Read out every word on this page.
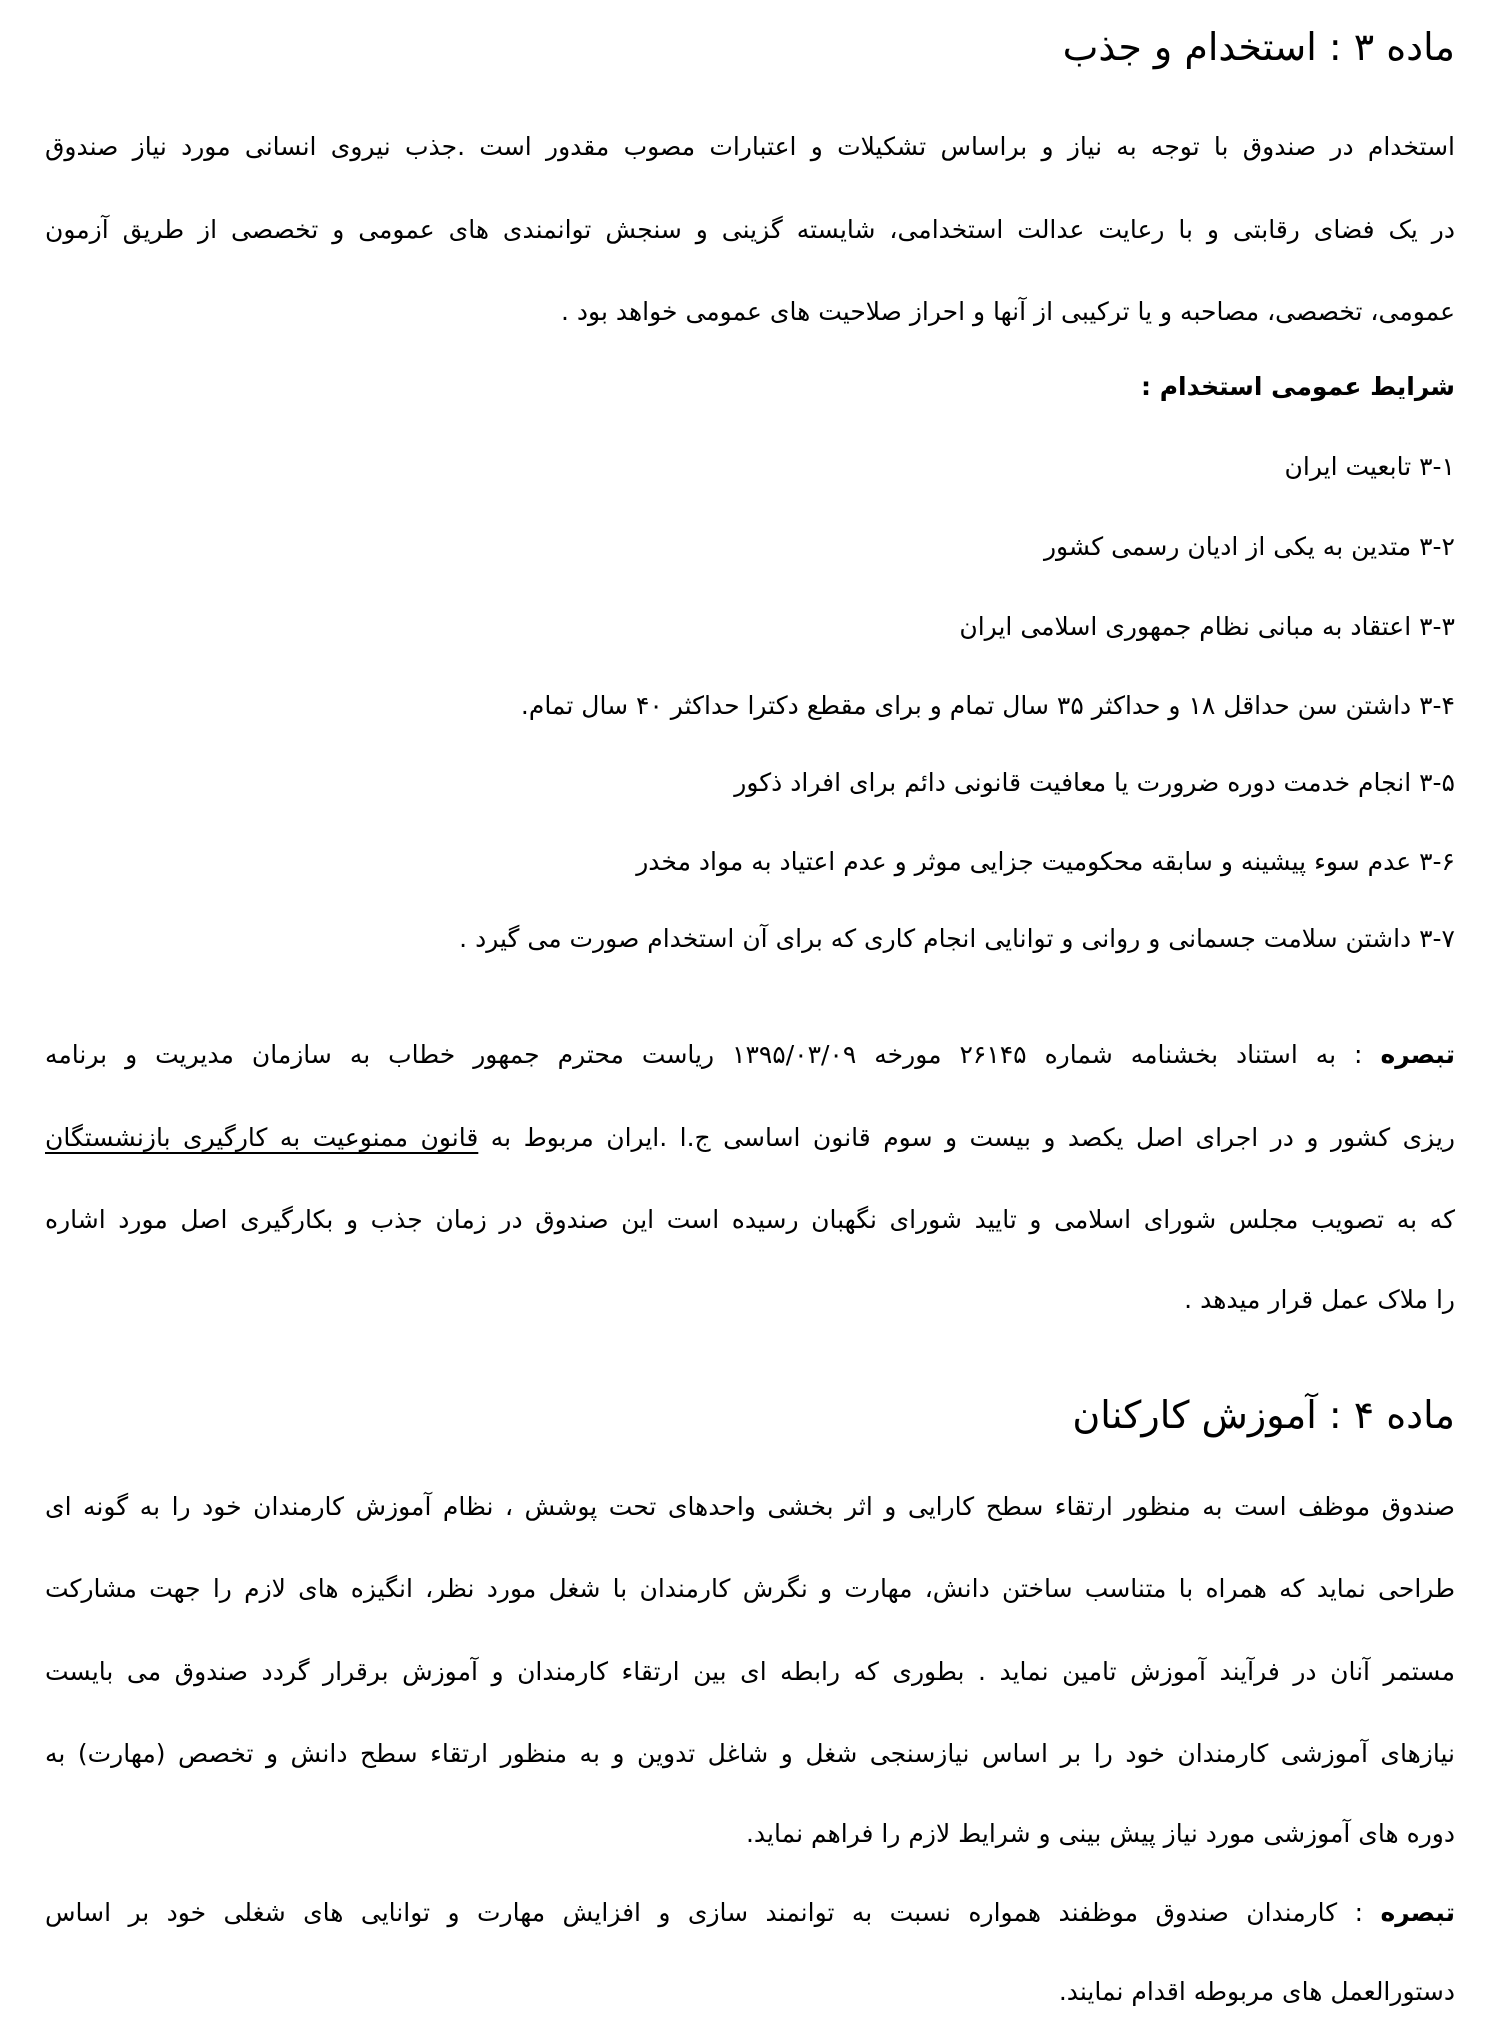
ماده ۳ : استخدام و جذب
استخدام در صندوق با توجه به نیاز و براساس تشکیلات و اعتبارات مصوب مقدور است .جذب نیروی انسانی مورد نیاز صندوق
در یک فضای رقابتی و با رعایت عدالت استخدامی، شایسته گزینی و سنجش توانمندی های عمومی و تخصصی از طریق آزمون
عمومی، تخصصی، مصاحبه و یا ترکیبی از آنها و احراز صلاحیت های عمومی خواهد بود .
شرایط عمومی استخدام :
۳-۱ تابعیت ایران
۳-۲ متدین به یکی از ادیان رسمی کشور
۳-۳ اعتقاد به مبانی نظام جمهوری اسلامی ایران
۳-۴ داشتن سن حداقل ۱۸ و حداکثر ۳۵ سال تمام و برای مقطع دکترا حداکثر ۴۰ سال تمام.
۳-۵ انجام خدمت دوره ضرورت یا معافیت قانونی دائم برای افراد ذکور
۳-۶ عدم سوء پیشینه و سابقه محکومیت جزایی موثر و عدم اعتیاد به مواد مخدر
۳-۷ داشتن سلامت جسمانی و روانی و توانایی انجام کاری که برای آن استخدام صورت می گیرد .
تبصره : به استناد بخشنامه شماره ۲۶۱۴۵ مورخه ۱۳۹۵/۰۳/۰۹ ریاست محترم جمهور خطاب به سازمان مدیریت و برنامه
ریزی کشور و در اجرای اصل یکصد و بیست و سوم قانون اساسی ج.ا .ایران مربوط به قانون ممنوعیت به کارگیری بازنشستگان
که به تصویب مجلس شورای اسلامی و تایید شورای نگهبان رسیده است این صندوق در زمان جذب و بکارگیری اصل مورد اشاره
را ملاک عمل قرار میدهد .
ماده ۴ : آموزش کارکنان
صندوق موظف است به منظور ارتقاء سطح کارایی و اثر بخشی واحدهای تحت پوشش ، نظام آموزش کارمندان خود را به گونه ای
طراحی نماید که همراه با متناسب ساختن دانش، مهارت و نگرش کارمندان با شغل مورد نظر، انگیزه های لازم را جهت مشارکت
مستمر آنان در فرآیند آموزش تامین نماید . بطوری که رابطه ای بین ارتقاء کارمندان و آموزش برقرار گردد صندوق می بایست
نیازهای آموزشی کارمندان خود را بر اساس نیازسنجی شغل و شاغل تدوین و به منظور ارتقاء سطح دانش و تخصص (مهارت) به
دوره های آموزشی مورد نیاز پیش بینی و شرایط لازم را فراهم نماید.
تبصره : کارمندان صندوق موظفند همواره نسبت به توانمند سازی و افزایش مهارت و توانایی های شغلی خود بر اساس
دستورالعمل های مربوطه اقدام نمایند.
